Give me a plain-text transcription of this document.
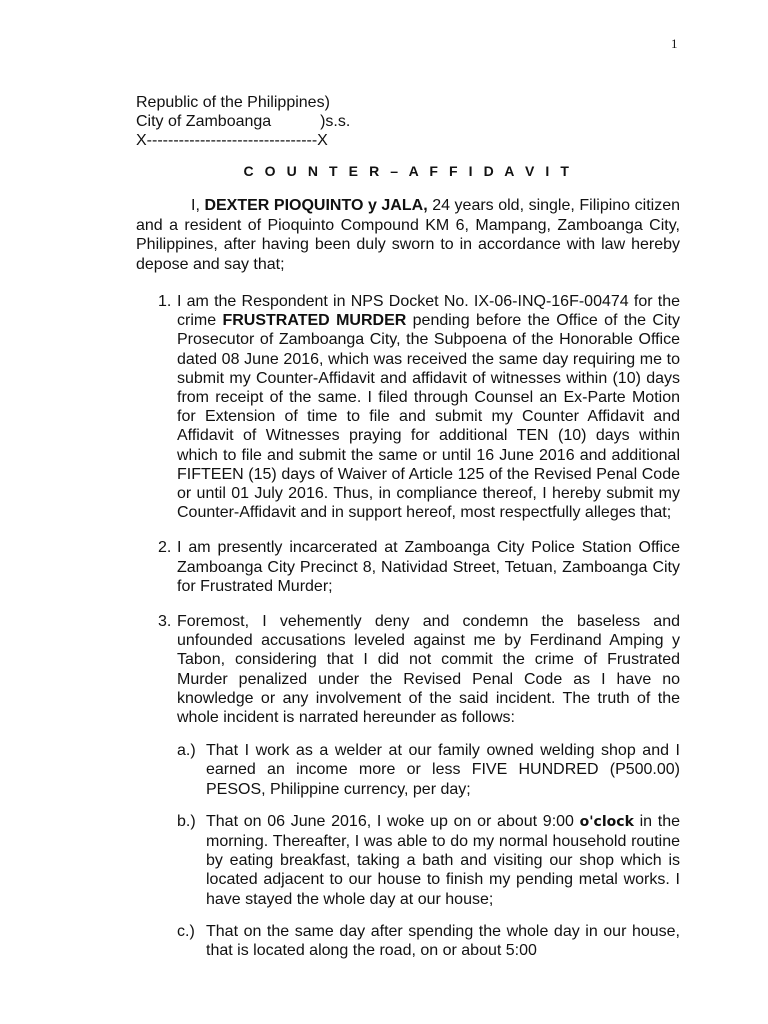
1
Republic of the Philippines)
City of Zamboanga           )s.s.
X--------------------------------X
C O U N T E R – A F F I D A V I T

I, DEXTER PIOQUINTO y JALA, 24 years old, single, Filipino citizen and a resident of Pioquinto Compound KM 6, Mampang, Zamboanga City, Philippines, after having been duly sworn to in accordance with law hereby depose and say that;

1. I am the Respondent in NPS Docket No. IX-06-INQ-16F-00474 for the crime FRUSTRATED MURDER pending before the Office of the City Prosecutor of Zamboanga City, the Subpoena of the Honorable Office dated 08 June 2016, which was received the same day requiring me to submit my Counter-Affidavit and affidavit of witnesses within (10) days from receipt of the same. I filed through Counsel an Ex-Parte Motion for Extension of time to file and submit my Counter Affidavit and Affidavit of Witnesses praying for additional TEN (10) days within which to file and submit the same or until 16 June 2016 and additional FIFTEEN (15) days of Waiver of Article 125 of the Revised Penal Code or until 01 July 2016. Thus, in compliance thereof, I hereby submit my Counter-Affidavit and in support hereof, most respectfully alleges that;
2. I am presently incarcerated at Zamboanga City Police Station Office Zamboanga City Precinct 8, Natividad Street, Tetuan, Zamboanga City for Frustrated Murder;
3. Foremost, I vehemently deny and condemn the baseless and unfounded accusations leveled against me by Ferdinand Amping y Tabon, considering that I did not commit the crime of Frustrated Murder penalized under the Revised Penal Code as I have no knowledge or any involvement of the said incident. The truth of the whole incident is narrated hereunder as follows:
a.) That I work as a welder at our family owned welding shop and I earned an income more or less FIVE HUNDRED (P500.00) PESOS, Philippine currency, per day;
b.) That on 06 June 2016, I woke up on or about 9:00 o'clock in the morning. Thereafter, I was able to do my normal household routine by eating breakfast, taking a bath and visiting our shop which is located adjacent to our house to finish my pending metal works. I have stayed the whole day at our house;
c.) That on the same day after spending the whole day in our house, that is located along the road, on or about 5:00
